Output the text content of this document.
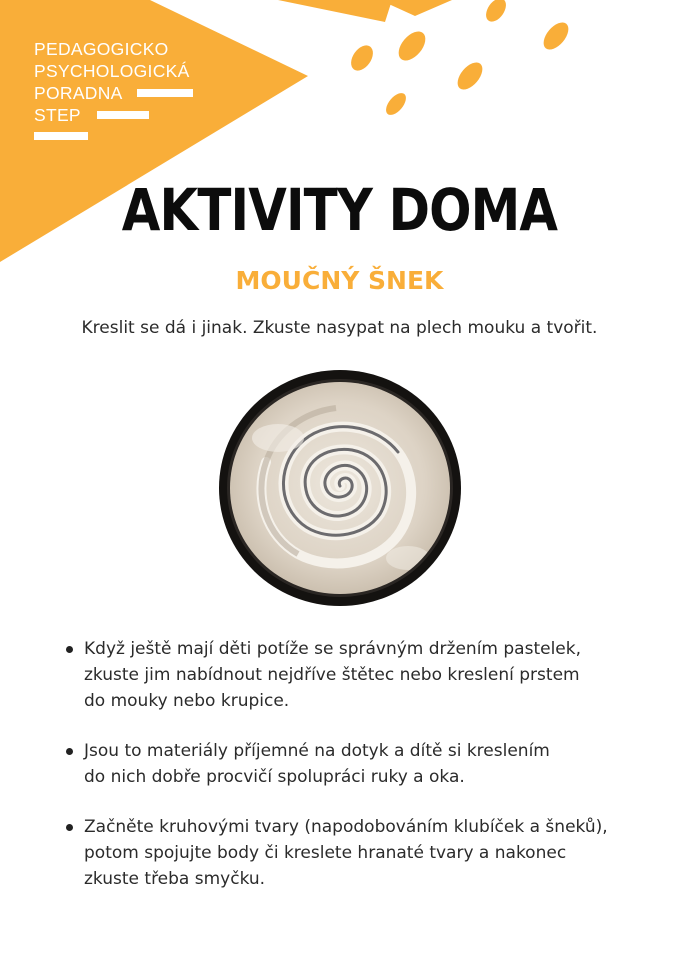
PEDAGOGICKO
PSYCHOLOGICKÁ
PORADNA
STEP
AKTIVITY DOMA
MOUČNÝ ŠNEK

Kreslit se dá i jinak. Zkuste nasypat na plech mouku a tvořit.

Když ještě mají děti potíže se správným držením pastelek,
zkuste jim nabídnout nejdříve štětec nebo kreslení prstem
do mouky nebo krupice.
Jsou to materiály příjemné na dotyk a dítě si kreslením
do nich dobře procvičí spolupráci ruky a oka.
Začněte kruhovými tvary (napodobováním klubíček a šneků),
potom spojujte body či kreslete hranaté tvary a nakonec
zkuste třeba smyčku.
